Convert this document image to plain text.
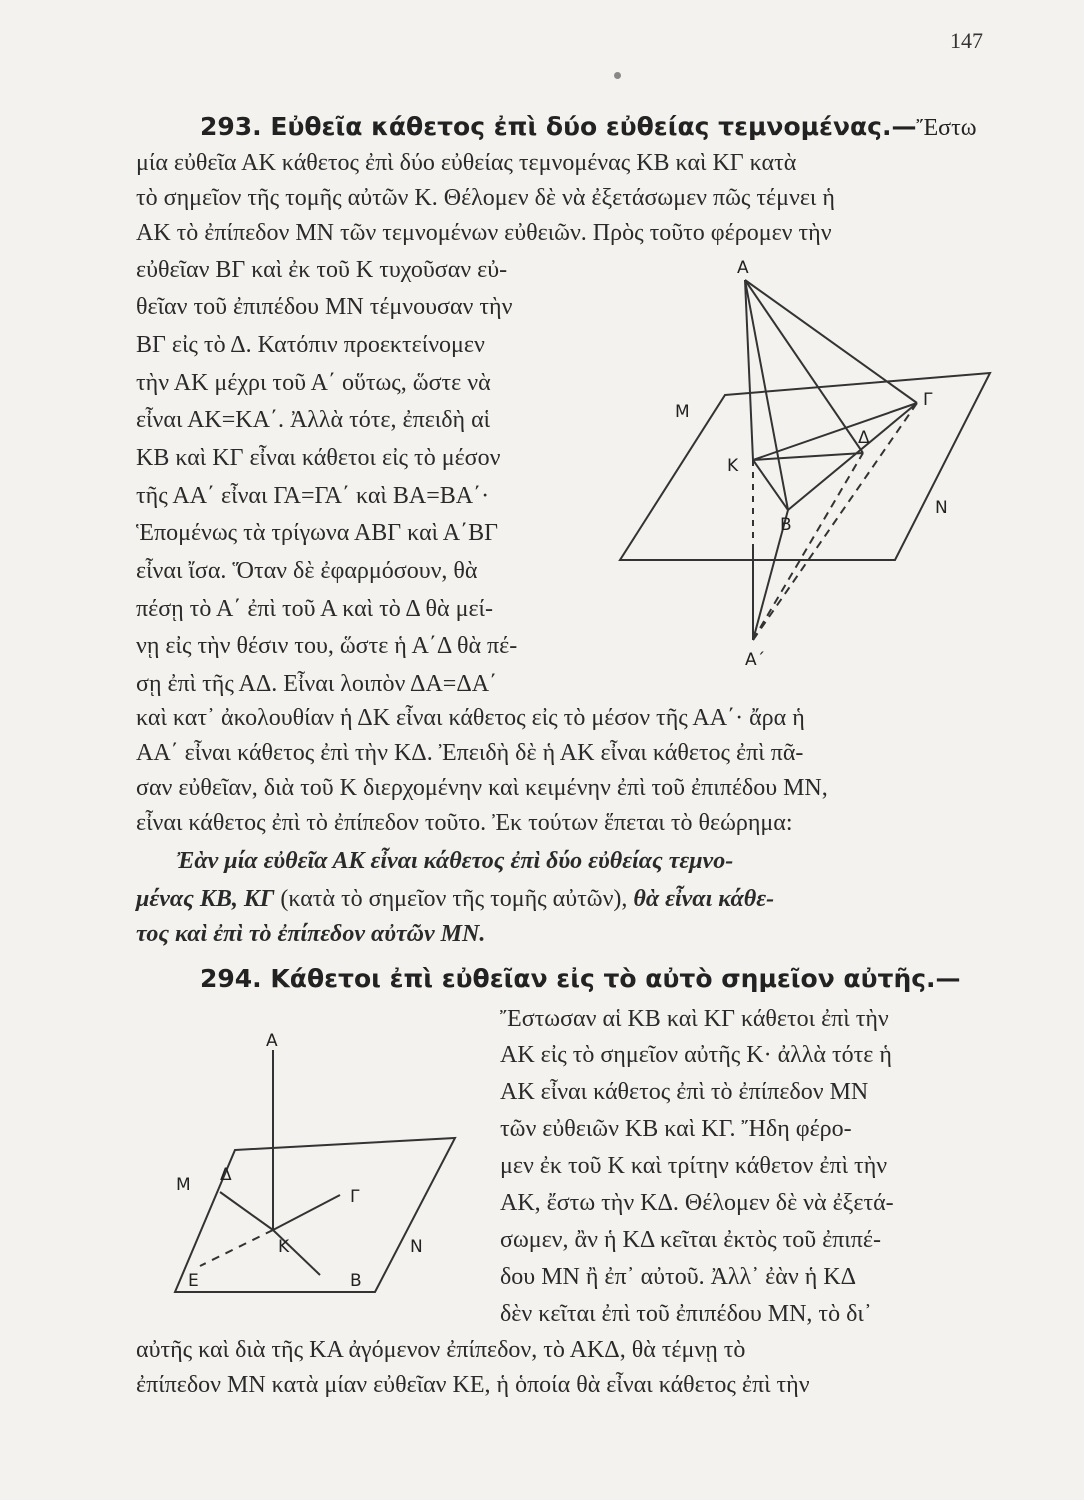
147
293. Εὐθεῖα κάθετος ἐπὶ δύο εὐθείας τεμνομένας.—Ἔστω
μία εὐθεῖα ΑΚ κάθετος ἐπὶ δύο εὐθείας τεμνομένας ΚΒ καὶ ΚΓ κατὰ
τὸ σημεῖον τῆς τομῆς αὐτῶν Κ. Θέλομεν δὲ νὰ ἐξετάσωμεν πῶς τέμνει ἡ
ΑΚ τὸ ἐπίπεδον ΜΝ τῶν τεμνομένων εὐθειῶν. Πρὸς τοῦτο φέρομεν τὴν
εὐθεῖαν ΒΓ καὶ ἐκ τοῦ Κ τυχοῦσαν εὐ-
θεῖαν τοῦ ἐπιπέδου ΜΝ τέμνουσαν τὴν
ΒΓ εἰς τὸ Δ. Κατόπιν προεκτείνομεν
τὴν ΑΚ μέχρι τοῦ Α΄ οὕτως, ὥστε νὰ
εἶναι ΑΚ=ΚΑ΄. Ἀλλὰ τότε, ἐπειδὴ αἱ
ΚΒ καὶ ΚΓ εἶναι κάθετοι εἰς τὸ μέσον
τῆς ΑΑ΄ εἶναι ΓΑ=ΓΑ΄ καὶ ΒΑ=ΒΑ΄·
Ἑπομένως τὰ τρίγωνα ΑΒΓ καὶ Α΄ΒΓ
εἶναι ἴσα. Ὅταν δὲ ἐφαρμόσουν, θὰ
πέσῃ τὸ Α΄ ἐπὶ τοῦ Α καὶ τὸ Δ θὰ μεί-
νῃ εἰς τὴν θέσιν του, ὥστε ἡ Α΄Δ θὰ πέ-
σῃ ἐπὶ τῆς ΑΔ. Εἶναι λοιπὸν ΔΑ=ΔΑ΄
καὶ κατ᾽ ἀκολουθίαν ἡ ΔΚ εἶναι κάθετος εἰς τὸ μέσον τῆς ΑΑ΄· ἄρα ἡ
ΑΑ΄ εἶναι κάθετος ἐπὶ τὴν ΚΔ. Ἐπειδὴ δὲ ἡ ΑΚ εἶναι κάθετος ἐπὶ πᾶ-
σαν εὐθεῖαν, διὰ τοῦ Κ διερχομένην καὶ κειμένην ἐπὶ τοῦ ἐπιπέδου ΜΝ,
εἶναι κάθετος ἐπὶ τὸ ἐπίπεδον τοῦτο. Ἐκ τούτων ἕπεται τὸ θεώρημα:
Ἐὰν μία εὐθεῖα ΑΚ εἶναι κάθετος ἐπὶ δύο εὐθείας τεμνο-
μένας ΚΒ, ΚΓ (κατὰ τὸ σημεῖον τῆς τομῆς αὐτῶν), θὰ εἶναι κάθε-
τος καὶ ἐπὶ τὸ ἐπίπεδον αὐτῶν ΜΝ.
294. Κάθετοι ἐπὶ εὐθεῖαν εἰς τὸ αὐτὸ σημεῖον αὐτῆς.—
Ἔστωσαν αἱ ΚΒ καὶ ΚΓ κάθετοι ἐπὶ τὴν
ΑΚ εἰς τὸ σημεῖον αὐτῆς Κ· ἀλλὰ τότε ἡ
ΑΚ εἶναι κάθετος ἐπὶ τὸ ἐπίπεδον ΜΝ
τῶν εὐθειῶν ΚΒ καὶ ΚΓ. Ἤδη φέρο-
μεν ἐκ τοῦ Κ καὶ τρίτην κάθετον ἐπὶ τὴν
ΑΚ, ἔστω τὴν ΚΔ. Θέλομεν δὲ νὰ ἐξετά-
σωμεν, ἂν ἡ ΚΔ κεῖται ἐκτὸς τοῦ ἐπιπέ-
δου ΜΝ ἢ ἐπ᾽ αὐτοῦ. Ἀλλ᾽ ἐὰν ἡ ΚΔ
δὲν κεῖται ἐπὶ τοῦ ἐπιπέδου ΜΝ, τὸ δι᾽
αὐτῆς καὶ διὰ τῆς ΚΑ ἀγόμενον ἐπίπεδον, τὸ ΑΚΔ, θὰ τέμνῃ τὸ
ἐπίπεδον ΜΝ κατὰ μίαν εὐθεῖαν ΚΕ, ἡ ὁποία θὰ εἶναι κάθετος ἐπὶ τὴν
Α
Μ
Κ
Β
Γ
Δ
Ν
Α΄
Α
Μ Δ
Γ
Κ
Ε	Β
Ν
